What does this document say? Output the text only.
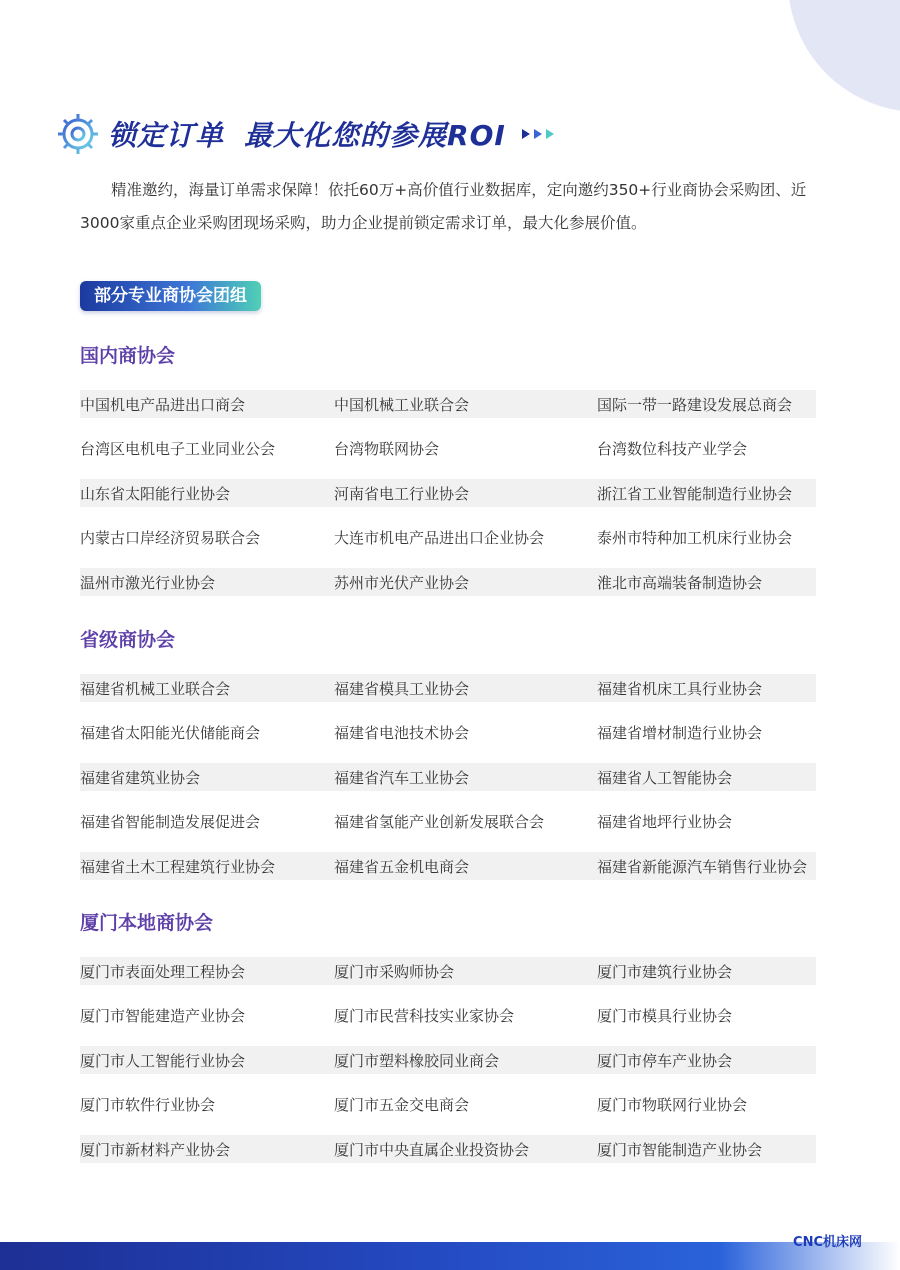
锁定订单 最大化您的参展ROI

精准邀约，海量订单需求保障！依托60万+高价值行业数据库，定向邀约350+行业商协会采购团、近3000家重点企业采购团现场采购，助力企业提前锁定需求订单，最大化参展价值。

部分专业商协会团组
国内商协会
中国机电产品进出口商会	中国机械工业联合会	国际一带一路建设发展总商会
台湾区电机电子工业同业公会	台湾物联网协会	台湾数位科技产业学会
山东省太阳能行业协会	河南省电工行业协会	浙江省工业智能制造行业协会
内蒙古口岸经济贸易联合会	大连市机电产品进出口企业协会	泰州市特种加工机床行业协会
温州市激光行业协会	苏州市光伏产业协会	淮北市高端装备制造协会
省级商协会
福建省机械工业联合会	福建省模具工业协会	福建省机床工具行业协会
福建省太阳能光伏储能商会	福建省电池技术协会	福建省增材制造行业协会
福建省建筑业协会	福建省汽车工业协会	福建省人工智能协会
福建省智能制造发展促进会	福建省氢能产业创新发展联合会	福建省地坪行业协会
福建省土木工程建筑行业协会	福建省五金机电商会	福建省新能源汽车销售行业协会
厦门本地商协会
厦门市表面处理工程协会	厦门市采购师协会	厦门市建筑行业协会
厦门市智能建造产业协会	厦门市民营科技实业家协会	厦门市模具行业协会
厦门市人工智能行业协会	厦门市塑料橡胶同业商会	厦门市停车产业协会
厦门市软件行业协会	厦门市五金交电商会	厦门市物联网行业协会
厦门市新材料产业协会	厦门市中央直属企业投资协会	厦门市智能制造产业协会
CNC机床网
